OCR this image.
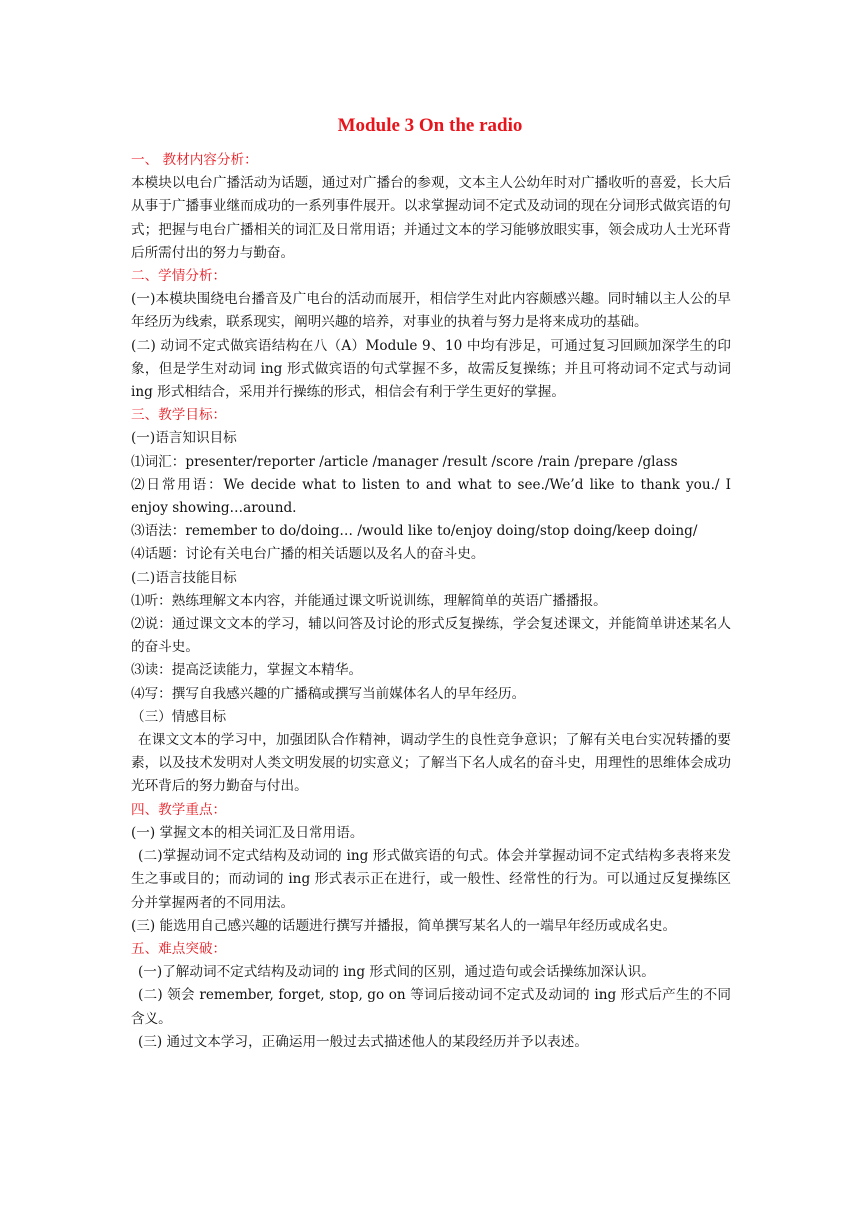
Module 3 On the radio

一、 教材内容分析：

本模块以电台广播活动为话题，通过对广播台的参观，文本主人公幼年时对广播收听的喜爱，长大后从事于广播事业继而成功的一系列事件展开。以求掌握动词不定式及动词的现在分词形式做宾语的句式；把握与电台广播相关的词汇及日常用语；并通过文本的学习能够放眼实事，领会成功人士光环背后所需付出的努力与勤奋。

二、学情分析：

(一)本模块围绕电台播音及广电台的活动而展开，相信学生对此内容颇感兴趣。同时辅以主人公的早年经历为线索，联系现实，阐明兴趣的培养，对事业的执着与努力是将来成功的基础。

(二) 动词不定式做宾语结构在八（A）Module 9、10 中均有涉足，可通过复习回顾加深学生的印象，但是学生对动词 ing 形式做宾语的句式掌握不多，故需反复操练；并且可将动词不定式与动词 ing 形式相结合，采用并行操练的形式，相信会有利于学生更好的掌握。

三、教学目标：

(一)语言知识目标

⑴词汇：presenter/reporter /article /manager /result /score /rain /prepare /glass

⑵日常用语：We decide what to listen to and what to see./We’d like to thank you./ I enjoy showing…around.

⑶语法：remember to do/doing… /would like to/enjoy doing/stop doing/keep doing/

⑷话题：讨论有关电台广播的相关话题以及名人的奋斗史。

(二)语言技能目标

⑴听：熟练理解文本内容，并能通过课文听说训练，理解简单的英语广播播报。

⑵说：通过课文文本的学习，辅以问答及讨论的形式反复操练，学会复述课文，并能简单讲述某名人的奋斗史。

⑶读：提高泛读能力，掌握文本精华。

⑷写：撰写自我感兴趣的广播稿或撰写当前媒体名人的早年经历。

（三）情感目标

在课文文本的学习中，加强团队合作精神，调动学生的良性竞争意识；了解有关电台实况转播的要素，以及技术发明对人类文明发展的切实意义；了解当下名人成名的奋斗史，用理性的思维体会成功光环背后的努力勤奋与付出。

四、教学重点：

(一) 掌握文本的相关词汇及日常用语。

(二)掌握动词不定式结构及动词的 ing 形式做宾语的句式。体会并掌握动词不定式结构多表将来发生之事或目的；而动词的 ing 形式表示正在进行，或一般性、经常性的行为。可以通过反复操练区分并掌握两者的不同用法。

(三) 能选用自己感兴趣的话题进行撰写并播报，简单撰写某名人的一端早年经历或成名史。

五、难点突破：

(一)了解动词不定式结构及动词的 ing 形式间的区别，通过造句或会话操练加深认识。

(二) 领会 remember, forget, stop, go on 等词后接动词不定式及动词的 ing 形式后产生的不同含义。

(三) 通过文本学习，正确运用一般过去式描述他人的某段经历并予以表述。
